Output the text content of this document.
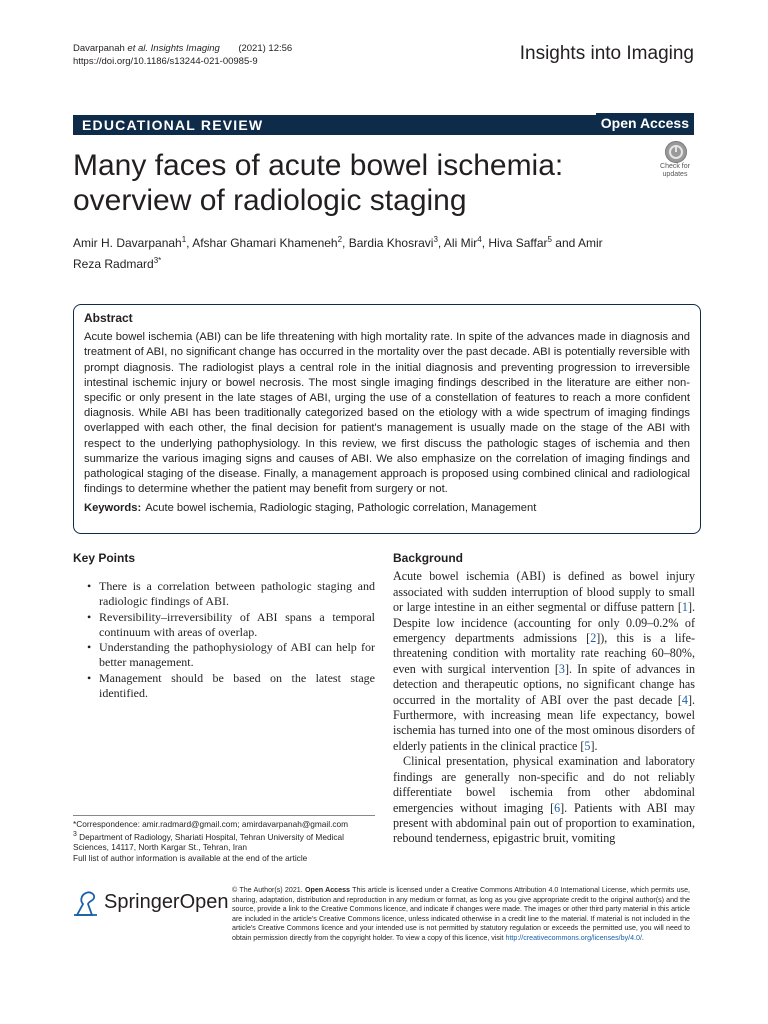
Davarpanah et al. Insights Imaging (2021) 12:56
https://doi.org/10.1186/s13244-021-00985-9	Insights into Imaging
EDUCATIONAL REVIEW	Open Access
Many faces of acute bowel ischemia:
overview of radiologic staging
Check for
updates
Amir H. Davarpanah$^1$, Afshar Ghamari Khameneh$^2$, Bardia Khosravi$^3$, Ali Mir$^4$, Hiva Saffar$^5$ and Amir Reza Radmard$^{3*}$
Abstract

Acute bowel ischemia (ABI) can be life threatening with high mortality rate. In spite of the advances made in diagnosis and treatment of ABI, no significant change has occurred in the mortality over the past decade. ABI is potentially reversible with prompt diagnosis. The radiologist plays a central role in the initial diagnosis and preventing progression to irreversible intestinal ischemic injury or bowel necrosis. The most single imaging findings described in the literature are either non-specific or only present in the late stages of ABI, urging the use of a constellation of features to reach a more confident diagnosis. While ABI has been traditionally categorized based on the etiology with a wide spectrum of imaging findings overlapped with each other, the final decision for patient's management is usually made on the stage of the ABI with respect to the underlying pathophysiology. In this review, we first discuss the pathologic stages of ischemia and then summarize the various imaging signs and causes of ABI. We also emphasize on the correlation of imaging findings and pathological staging of the disease. Finally, a management approach is proposed using combined clinical and radiological findings to determine whether the patient may benefit from surgery or not.

Keywords: Acute bowel ischemia, Radiologic staging, Pathologic correlation, Management

Key Points
• There is a correlation between pathologic staging and radiologic findings of ABI.
• Reversibility–irreversibility of ABI spans a temporal continuum with areas of overlap.
• Understanding the pathophysiology of ABI can help for better management.
• Management should be based on the latest stage identified.
*Correspondence: amir.radmard@gmail.com; amirdavarpanah@gmail.com
$^3$ Department of Radiology, Shariati Hospital, Tehran University of Medical Sciences, 14117, North Kargar St., Tehran, Iran
Full list of author information is available at the end of the article
Background

Acute bowel ischemia (ABI) is defined as bowel injury associated with sudden interruption of blood supply to small or large intestine in an either segmental or diffuse pattern [1]. Despite low incidence (accounting for only 0.09–0.2% of emergency departments admissions [2]), this is a life-threatening condition with mortality rate reaching 60–80%, even with surgical intervention [3]. In spite of advances in detection and therapeutic options, no significant change has occurred in the mortality of ABI over the past decade [4]. Furthermore, with increasing mean life expectancy, bowel ischemia has turned into one of the most ominous disorders of elderly patients in the clinical practice [5].

Clinical presentation, physical examination and laboratory findings are generally non-specific and do not reliably differentiate bowel ischemia from other abdominal emergencies without imaging [6]. Patients with ABI may present with abdominal pain out of proportion to examination, rebound tenderness, epigastric bruit, vomiting

SpringerOpen
© The Author(s) 2021. Open Access This article is licensed under a Creative Commons Attribution 4.0 International License, which permits use, sharing, adaptation, distribution and reproduction in any medium or format, as long as you give appropriate credit to the original author(s) and the source, provide a link to the Creative Commons licence, and indicate if changes were made. The images or other third party material in this article are included in the article's Creative Commons licence, unless indicated otherwise in a credit line to the material. If material is not included in the article's Creative Commons licence and your intended use is not permitted by statutory regulation or exceeds the permitted use, you will need to obtain permission directly from the copyright holder. To view a copy of this licence, visit http://creativecommons.org/licenses/by/4.0/.
